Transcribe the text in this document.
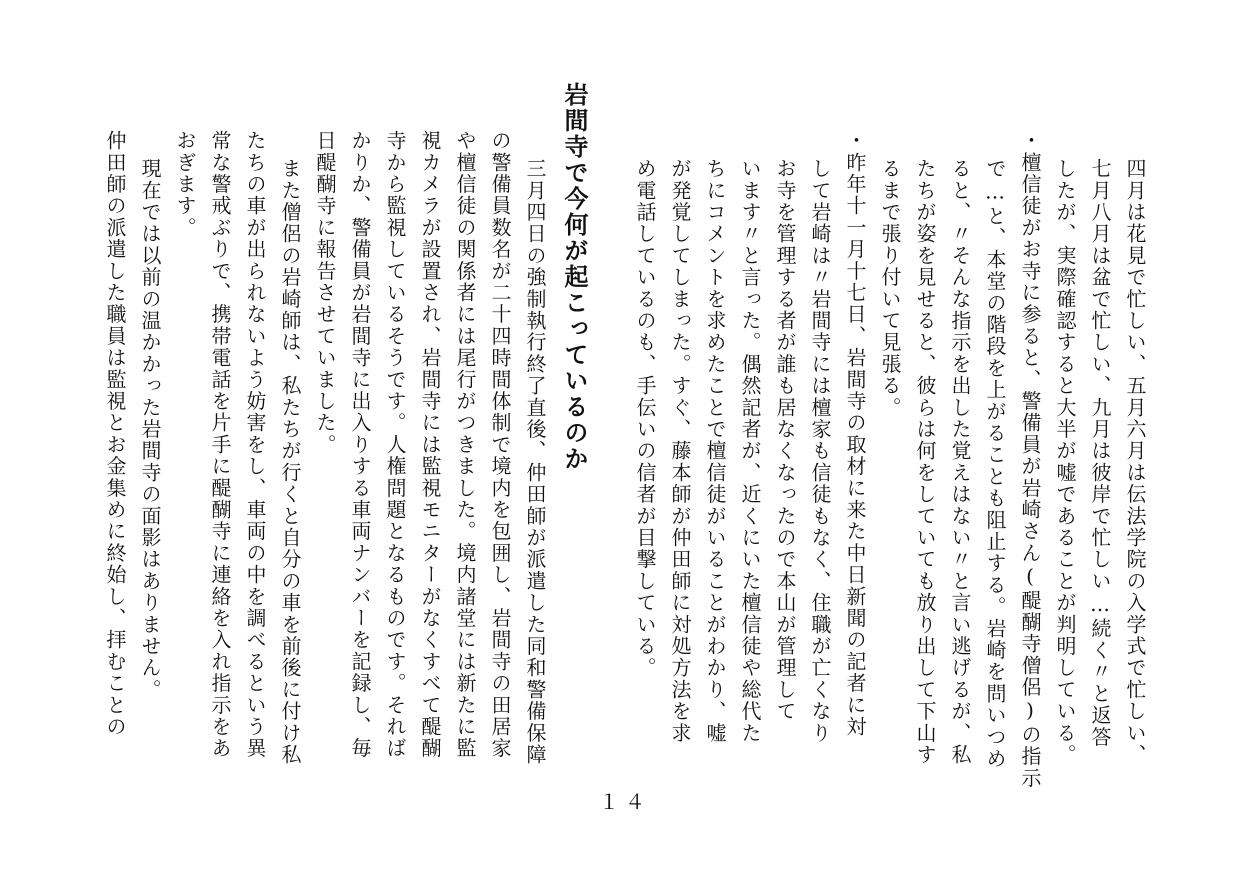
四月は花見で忙しい、五月六月は伝法学院の入学式で忙しい、
七月八月は盆で忙しい、九月は彼岸で忙しい…続く〃と返答
したが、実際確認すると大半が嘘であることが判明している。
・檀信徒がお寺に参ると、警備員が岩崎さん(醍醐寺僧侶)の指示
で…と、本堂の階段を上がることも阻止する。岩崎を問いつめ
ると、〃そんな指示を出した覚えはない〃と言い逃げるが、私
たちが姿を見せると、彼らは何をしていても放り出して下山す
るまで張り付いて見張る。
・昨年十一月十七日、岩間寺の取材に来た中日新聞の記者に対
して岩崎は〃岩間寺には檀家も信徒もなく、住職が亡くなり
お寺を管理する者が誰も居なくなったので本山が管理して
います〃と言った。偶然記者が、近くにいた檀信徒や総代た
ちにコメントを求めたことで檀信徒がいることがわかり、嘘
が発覚してしまった。すぐ、藤本師が仲田師に対処方法を求
め電話しているのも、手伝いの信者が目撃している。
岩間寺で今何が起こっているのか
三月四日の強制執行終了直後、仲田師が派遣した同和警備保障
の警備員数名が二十四時間体制で境内を包囲し、岩間寺の田居家
や檀信徒の関係者には尾行がつきました。境内諸堂には新たに監
視カメラが設置され、岩間寺には監視モニターがなくすべて醍醐
寺から監視しているそうです。人権問題となるものです。それば
かりか、警備員が岩間寺に出入りする車両ナンバーを記録し、毎
日醍醐寺に報告させていました。
また僧侶の岩崎師は、私たちが行くと自分の車を前後に付け私
たちの車が出られないよう妨害をし、車両の中を調べるという異
常な警戒ぶりで、携帯電話を片手に醍醐寺に連絡を入れ指示をあ
おぎます。
現在では以前の温かかった岩間寺の面影はありません。
仲田師の派遣した職員は監視とお金集めに終始し、拝むことの
１４
